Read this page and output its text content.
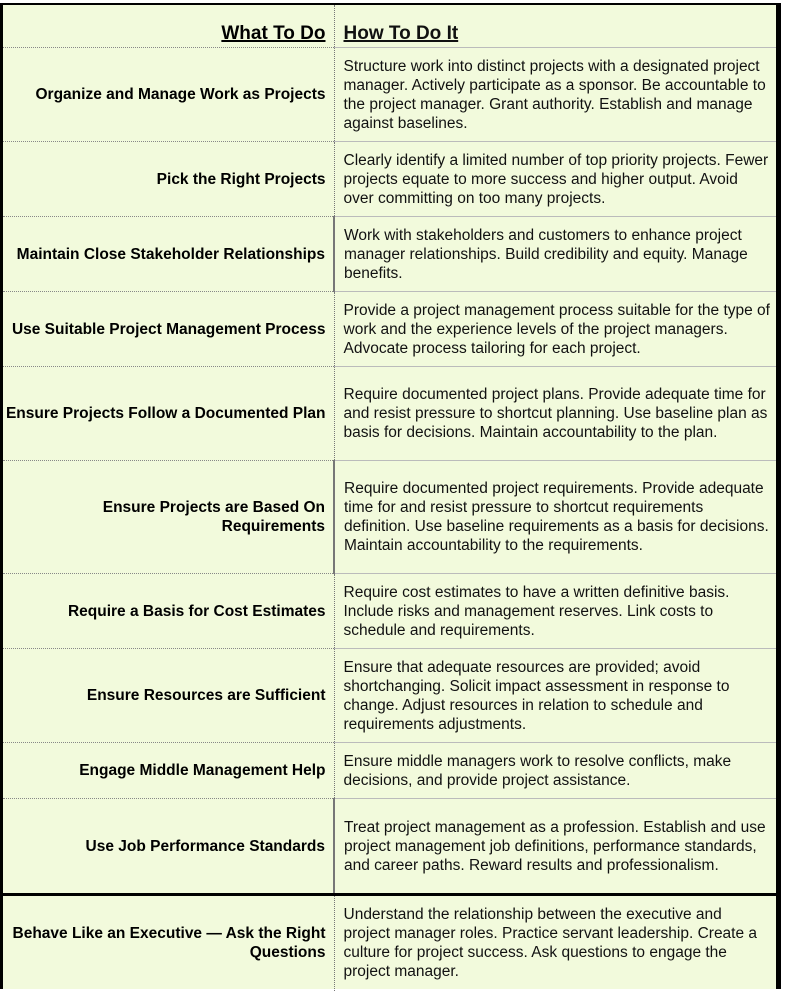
What To Do	How To Do It
Organize and Manage Work as Projects	Structure work into distinct projects with a designated project manager. Actively participate as a sponsor. Be accountable to the project manager. Grant authority. Establish and manage against baselines.
Pick the Right Projects	Clearly identify a limited number of top priority projects. Fewer projects equate to more success and higher output. Avoid over committing on too many projects.
Maintain Close Stakeholder Relationships	Work with stakeholders and customers to enhance project manager relationships. Build credibility and equity. Manage benefits.
Use Suitable Project Management Process	Provide a project management process suitable for the type of work and the experience levels of the project managers. Advocate process tailoring for each project.
Ensure Projects Follow a Documented Plan	Require documented project plans. Provide adequate time for and resist pressure to shortcut planning. Use baseline plan as basis for decisions. Maintain accountability to the plan.
Ensure Projects are Based On Requirements	Require documented project requirements. Provide adequate time for and resist pressure to shortcut requirements definition. Use baseline requirements as a basis for decisions. Maintain accountability to the requirements.
Require a Basis for Cost Estimates	Require cost estimates to have a written definitive basis. Include risks and management reserves. Link costs to schedule and requirements.
Ensure Resources are Sufficient	Ensure that adequate resources are provided; avoid shortchanging. Solicit impact assessment in response to change. Adjust resources in relation to schedule and requirements adjustments.
Engage Middle Management Help	Ensure middle managers work to resolve conflicts, make decisions, and provide project assistance.
Use Job Performance Standards	Treat project management as a profession. Establish and use project management job definitions, performance standards, and career paths. Reward results and professionalism.
Behave Like an Executive — Ask the Right Questions	Understand the relationship between the executive and project manager roles. Practice servant leadership. Create a culture for project success. Ask questions to engage the project manager.
